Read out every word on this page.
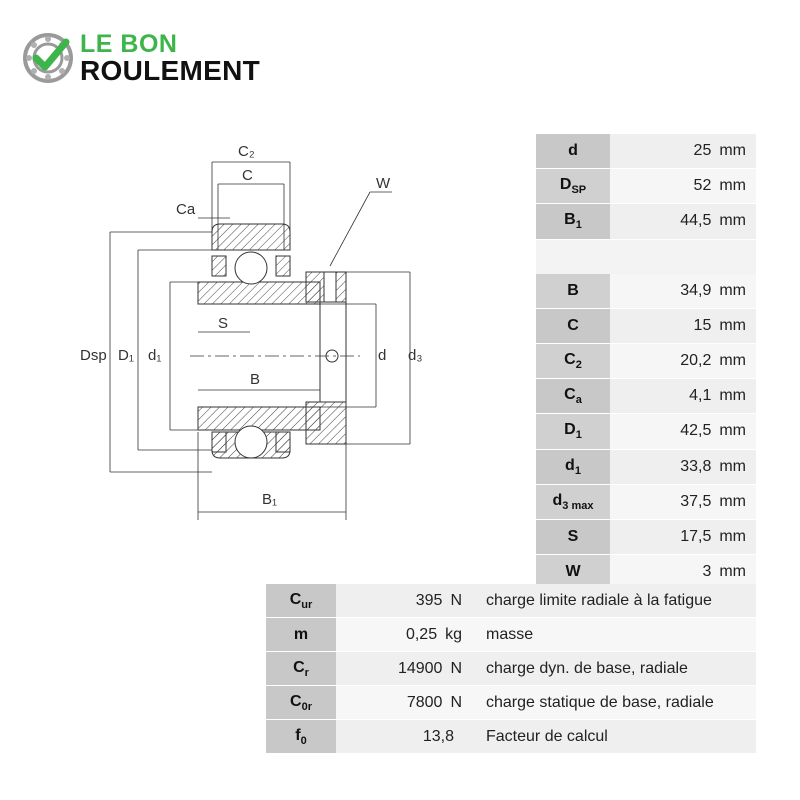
LE BON
ROULEMENT
C₂
C
Ca
W
Dsp D₁ d₁
S
B
d d₃
B₁
d	25 mm
$D_{SP}$	52 mm
$B_1$	44,5 mm
B	34,9 mm
C	15 mm
$C_2$	20,2 mm
$C_a$	4,1 mm
$D_1$	42,5 mm
$d_1$	33,8 mm
$d_{3 max}$	37,5 mm
S	17,5 mm
W	3 mm
$C_{ur}$	395 N	charge limite radiale à la fatigue
m	0,25 kg	masse
$C_r$	14900 N	charge dyn. de base, radiale
$C_{0r}$	7800 N	charge statique de base, radiale
$f_0$	13,8	Facteur de calcul
